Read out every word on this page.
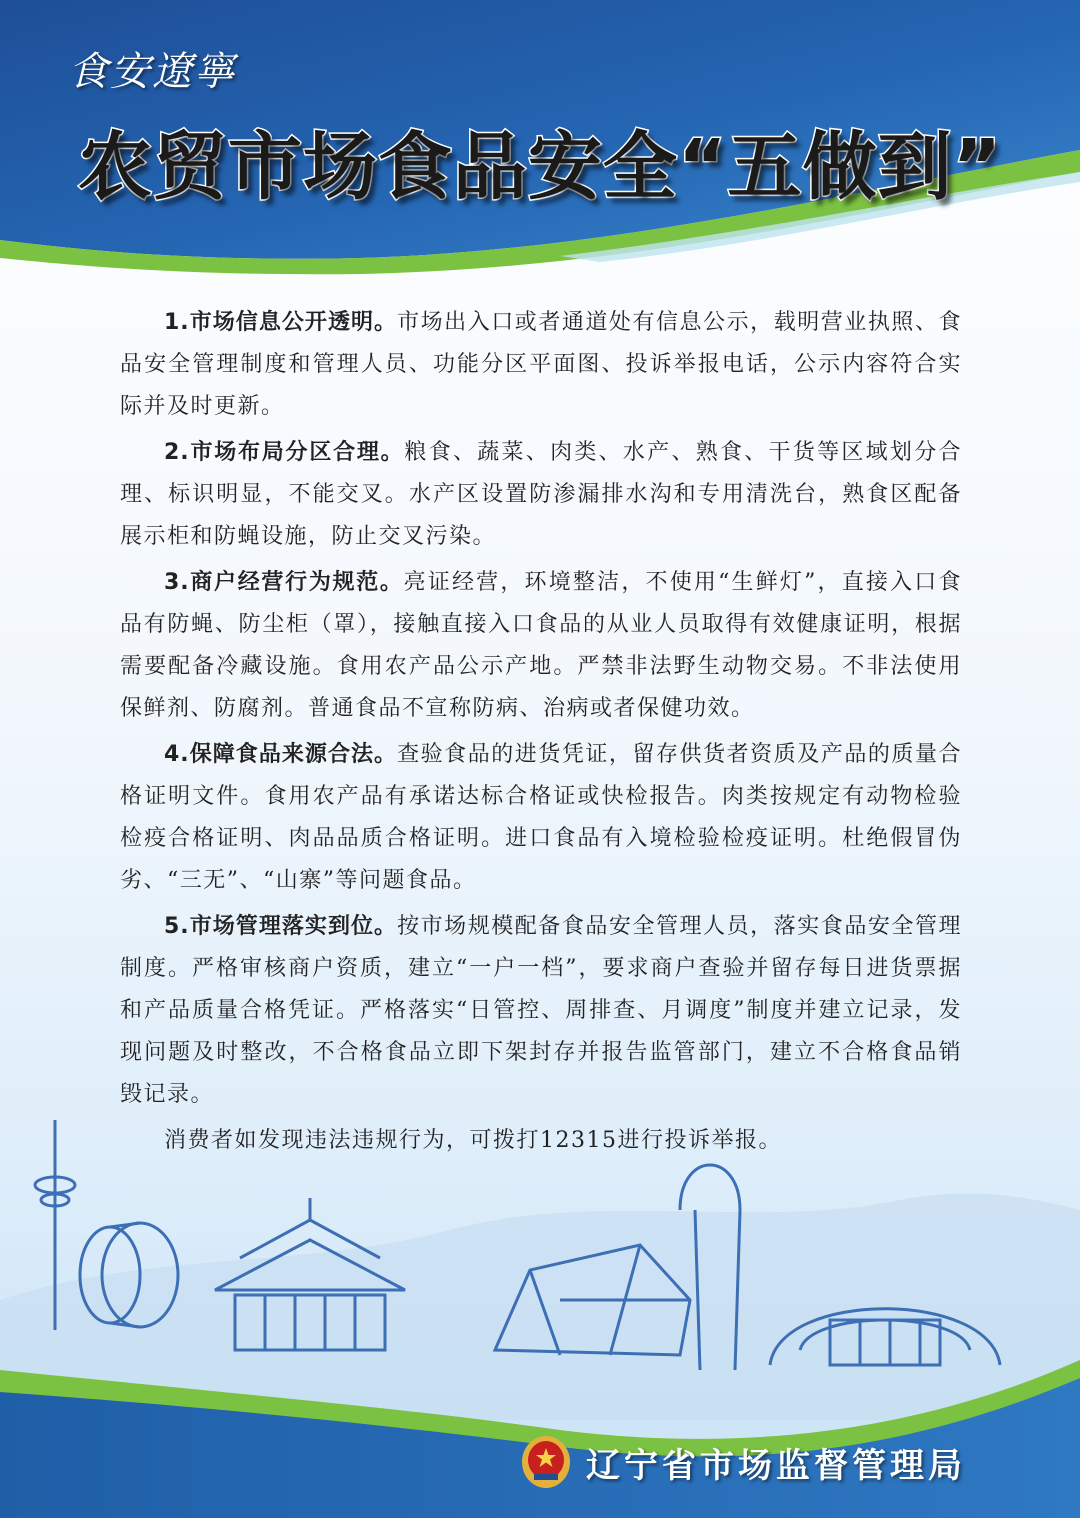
食安遼寧
农贸市场食品安全“五做到”

1.市场信息公开透明。市场出入口或者通道处有信息公示，载明营业执照、食品安全管理制度和管理人员、功能分区平面图、投诉举报电话，公示内容符合实际并及时更新。

2.市场布局分区合理。粮食、蔬菜、肉类、水产、熟食、干货等区域划分合理、标识明显，不能交叉。水产区设置防渗漏排水沟和专用清洗台，熟食区配备展示柜和防蝇设施，防止交叉污染。

3.商户经营行为规范。亮证经营，环境整洁，不使用“生鲜灯”，直接入口食品有防蝇、防尘柜（罩），接触直接入口食品的从业人员取得有效健康证明，根据需要配备冷藏设施。食用农产品公示产地。严禁非法野生动物交易。不非法使用保鲜剂、防腐剂。普通食品不宣称防病、治病或者保健功效。

4.保障食品来源合法。查验食品的进货凭证，留存供货者资质及产品的质量合格证明文件。食用农产品有承诺达标合格证或快检报告。肉类按规定有动物检验检疫合格证明、肉品品质合格证明。进口食品有入境检验检疫证明。杜绝假冒伪劣、“三无”、“山寨”等问题食品。

5.市场管理落实到位。按市场规模配备食品安全管理人员，落实食品安全管理制度。严格审核商户资质，建立“一户一档”，要求商户查验并留存每日进货票据和产品质量合格凭证。严格落实“日管控、周排查、月调度”制度并建立记录，发现问题及时整改，不合格食品立即下架封存并报告监管部门，建立不合格食品销毁记录。

消费者如发现违法违规行为，可拨打12315进行投诉举报。

辽宁省市场监督管理局
